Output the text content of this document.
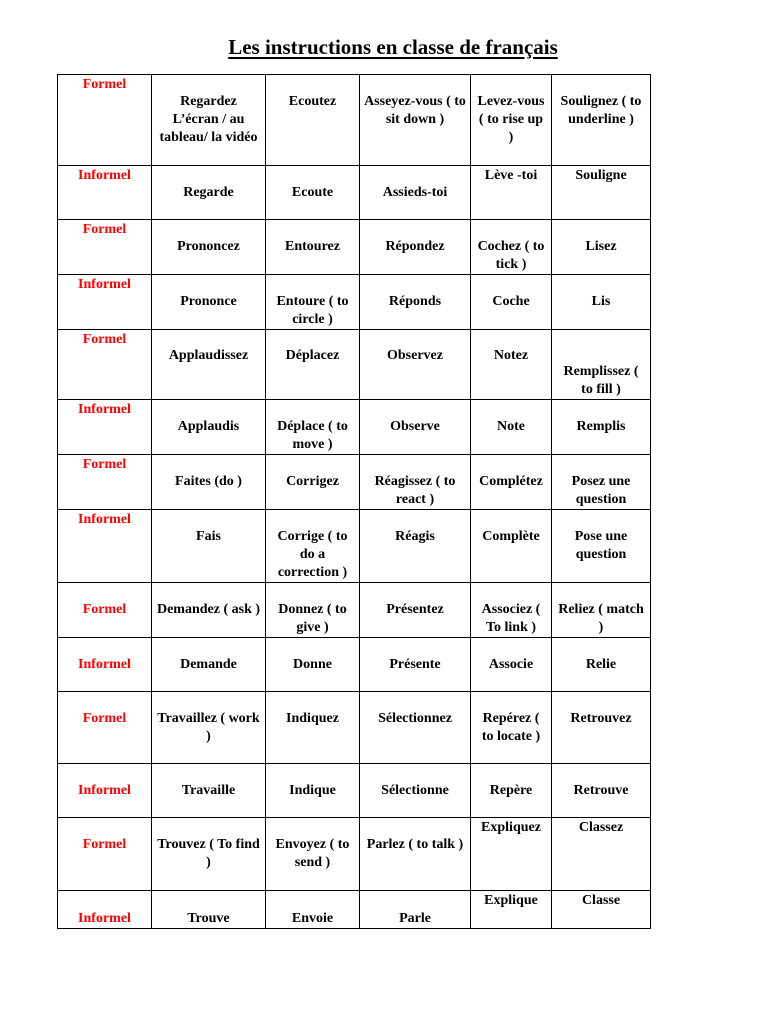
Les instructions en classe de français
Formel	Regardez L’écran / au tableau/ la vidéo	Ecoutez	Asseyez-vous ( to sit down )	Levez-vous ( to rise up )	Soulignez ( to underline )
Informel	Regarde	Ecoute	Assieds-toi	Lève -toi	Souligne
Formel	Prononcez	Entourez	Répondez	Cochez ( to tick )	Lisez
Informel	Prononce	Entoure ( to circle )	Réponds	Coche	Lis
Formel	Applaudissez	Déplacez	Observez	Notez	Remplissez ( to fill )
Informel	Applaudis	Déplace ( to move )	Observe	Note	Remplis
Formel	Faites (do )	Corrigez	Réagissez ( to react )	Complétez	Posez une question
Informel	Fais	Corrige ( to do a correction )	Réagis	Complète	Pose une question
Formel	Demandez ( ask )	Donnez ( to give )	Présentez	Associez ( To link )	Reliez ( match )
Informel	Demande	Donne	Présente	Associe	Relie
Formel	Travaillez ( work )	Indiquez	Sélectionnez	Repérez ( to locate )	Retrouvez
Informel	Travaille	Indique	Sélectionne	Repère	Retrouve
Formel	Trouvez ( To find )	Envoyez ( to send )	Parlez ( to talk )	Expliquez	Classez
Informel	Trouve	Envoie	Parle	Explique	Classe
